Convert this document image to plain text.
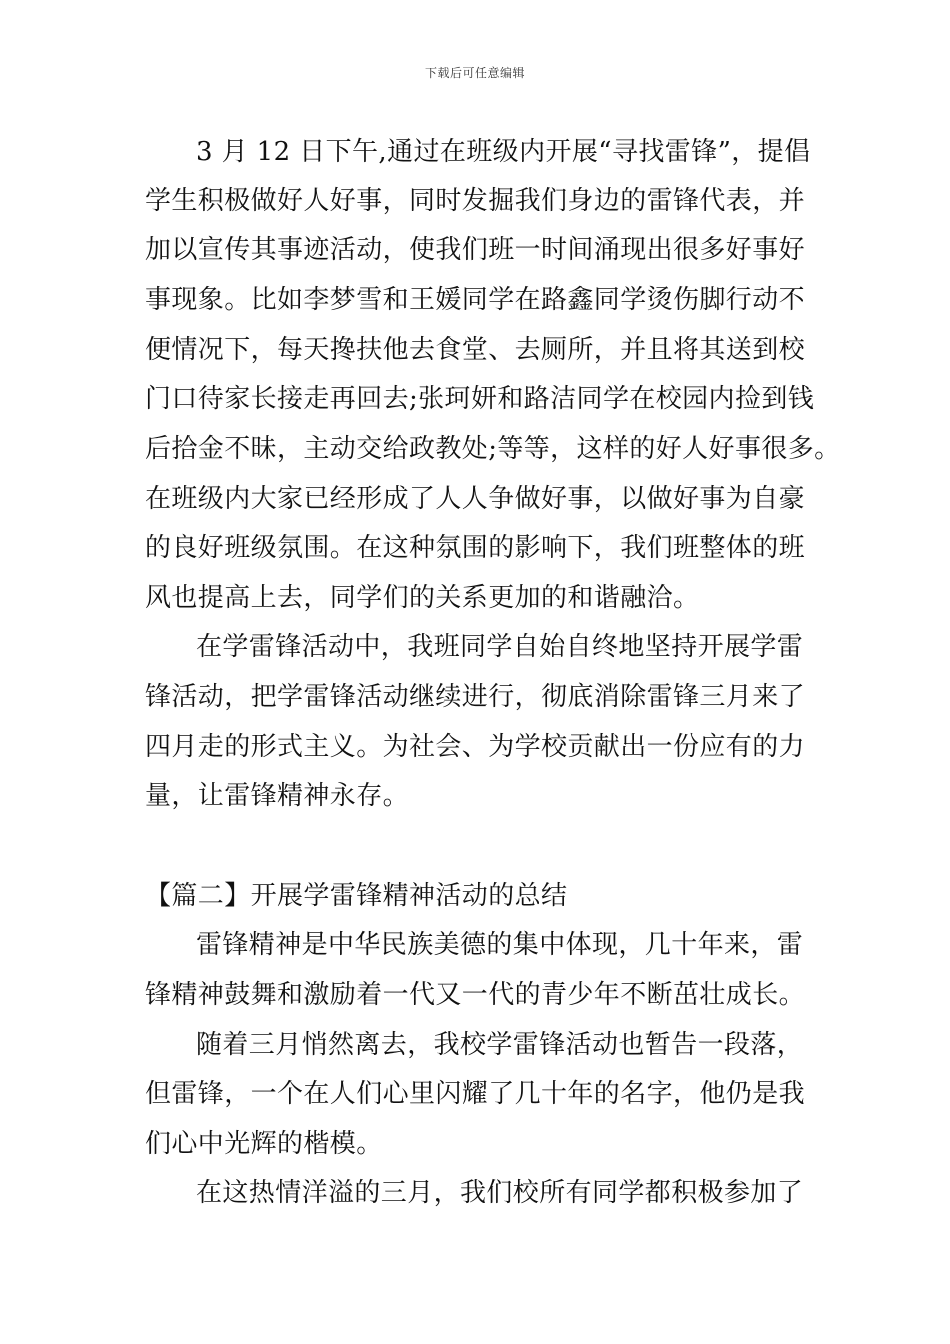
下载后可任意编辑
3 月 12 日下午,通过在班级内开展“寻找雷锋”，提倡
学生积极做好人好事，同时发掘我们身边的雷锋代表，并
加以宣传其事迹活动，使我们班一时间涌现出很多好事好
事现象。比如李梦雪和王媛同学在路鑫同学烫伤脚行动不
便情况下，每天搀扶他去食堂、去厕所，并且将其送到校
门口待家长接走再回去;张珂妍和路洁同学在校园内捡到钱
后拾金不昧，主动交给政教处;等等，这样的好人好事很多。
在班级内大家已经形成了人人争做好事，以做好事为自豪
的良好班级氛围。在这种氛围的影响下，我们班整体的班
风也提高上去，同学们的关系更加的和谐融洽。
在学雷锋活动中，我班同学自始自终地坚持开展学雷
锋活动，把学雷锋活动继续进行，彻底消除雷锋三月来了
四月走的形式主义。为社会、为学校贡献出一份应有的力
量，让雷锋精神永存。
【篇二】开展学雷锋精神活动的总结
雷锋精神是中华民族美德的集中体现，几十年来，雷
锋精神鼓舞和激励着一代又一代的青少年不断茁壮成长。
随着三月悄然离去，我校学雷锋活动也暂告一段落，
但雷锋，一个在人们心里闪耀了几十年的名字，他仍是我
们心中光辉的楷模。
在这热情洋溢的三月，我们校所有同学都积极参加了
